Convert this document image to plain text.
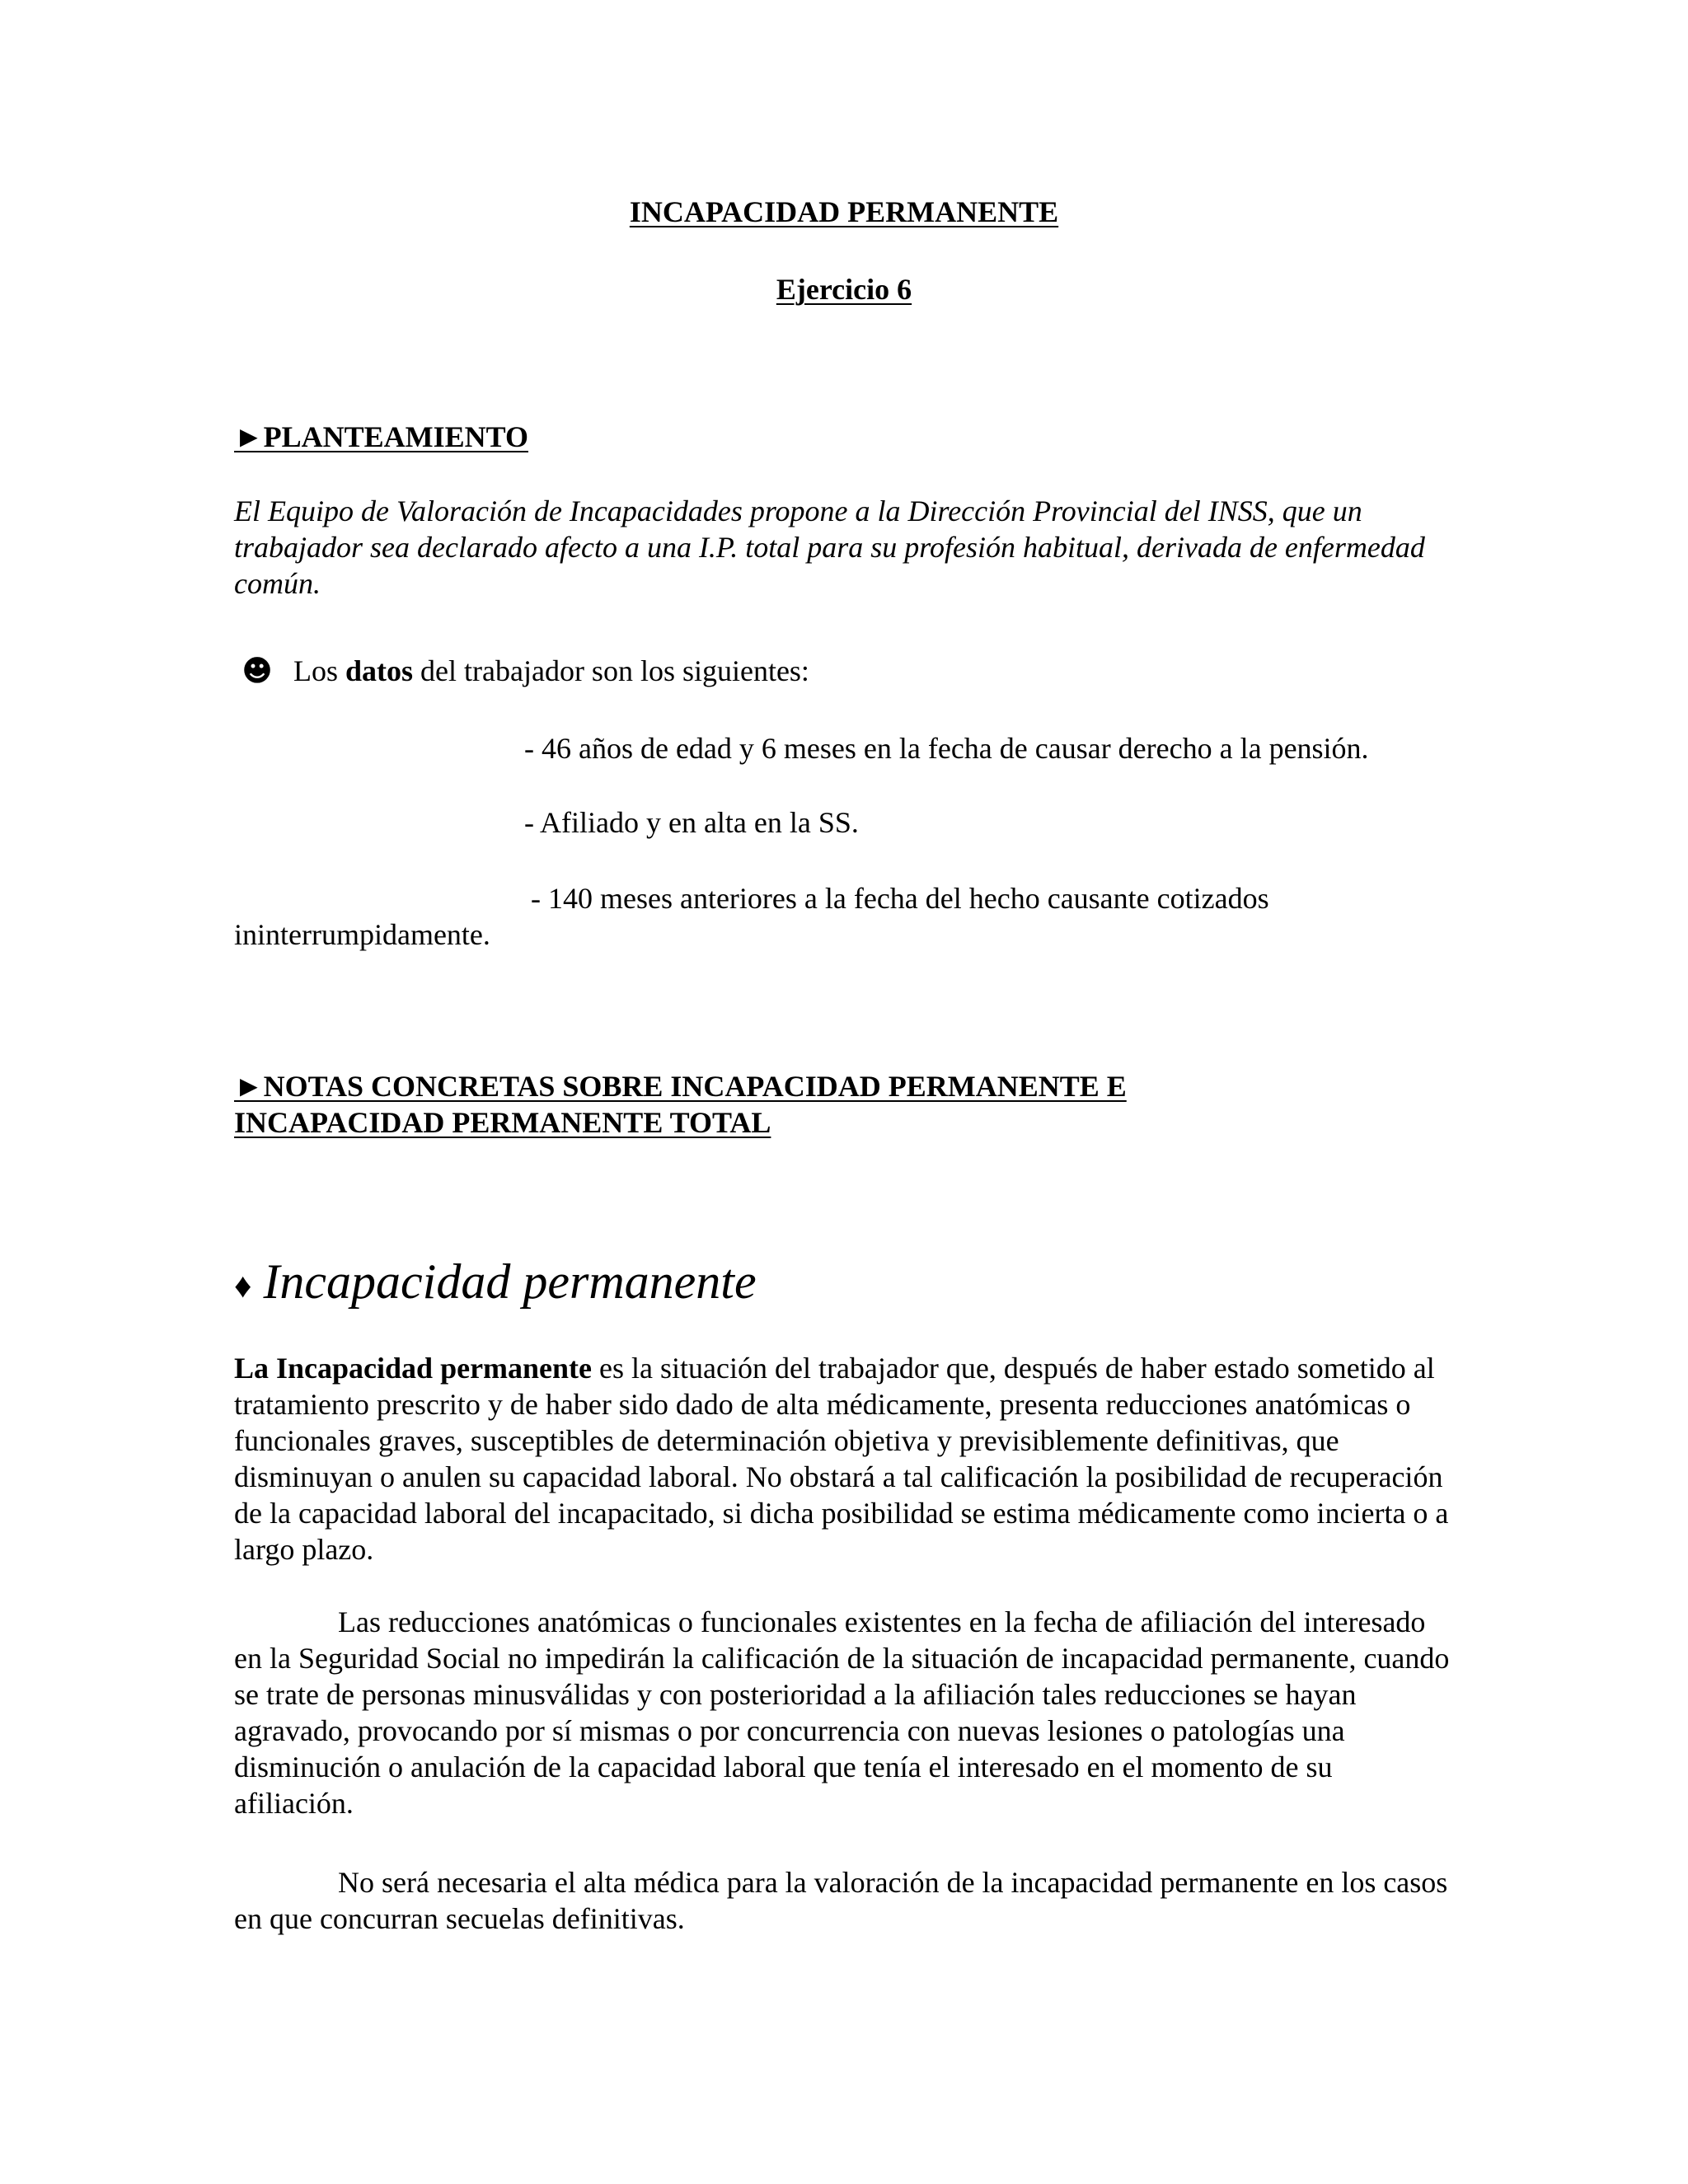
INCAPACIDAD PERMANENTE
Ejercicio 6
►PLANTEAMIENTO
El Equipo de Valoración de Incapacidades propone a la Dirección Provincial del INSS, que un trabajador sea declarado afecto a una I.P. total para su profesión habitual, derivada de enfermedad común.
☻ Los datos del trabajador son los siguientes:
- 46 años de edad y 6 meses en la fecha de causar derecho a la pensión.
- Afiliado y en alta en la SS.
- 140 meses anteriores a la fecha del hecho causante cotizados
ininterrumpidamente.
►NOTAS CONCRETAS SOBRE INCAPACIDAD PERMANENTE E
INCAPACIDAD PERMANENTE TOTAL
♦ Incapacidad permanente

La Incapacidad permanente es la situación del trabajador que, después de haber estado sometido al tratamiento prescrito y de haber sido dado de alta médicamente, presenta reducciones anatómicas o funcionales graves, susceptibles de determinación objetiva y previsiblemente definitivas, que disminuyan o anulen su capacidad laboral. No obstará a tal calificación la posibilidad de recuperación de la capacidad laboral del incapacitado, si dicha posibilidad se estima médicamente como incierta o a largo plazo.

Las reducciones anatómicas o funcionales existentes en la fecha de afiliación del interesado en la Seguridad Social no impedirán la calificación de la situación de incapacidad permanente, cuando se trate de personas minusválidas y con posterioridad a la afiliación tales reducciones se hayan agravado, provocando por sí mismas o por concurrencia con nuevas lesiones o patologías una disminución o anulación de la capacidad laboral que tenía el interesado en el momento de su afiliación.
No será necesaria el alta médica para la valoración de la incapacidad permanente en los casos en que concurran secuelas definitivas.
